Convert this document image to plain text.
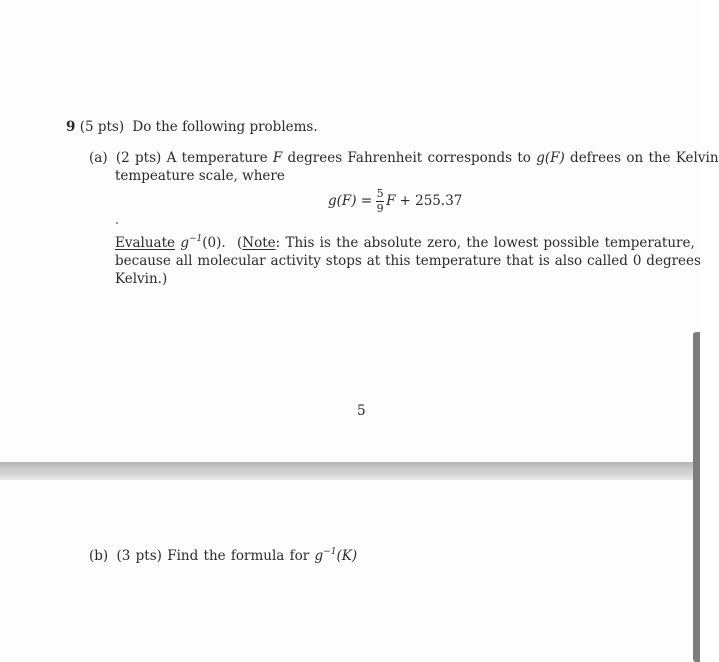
9 (5 pts) Do the following problems.
(a) (2 pts) A temperature F degrees Fahrenheit corresponds to g(F) defrees on the Kelvin
tempeature scale, where
$g(F) = \frac{5}{9}$ F + 255.37
Evaluate $g^{-1}(0)$. (Note: This is the absolute zero, the lowest possible temperature,
because all molecular activity stops at this temperature that is also called 0 degrees
Kelvin.)
5
(b) (3 pts) Find the formula for $g^{-1}(K)$
